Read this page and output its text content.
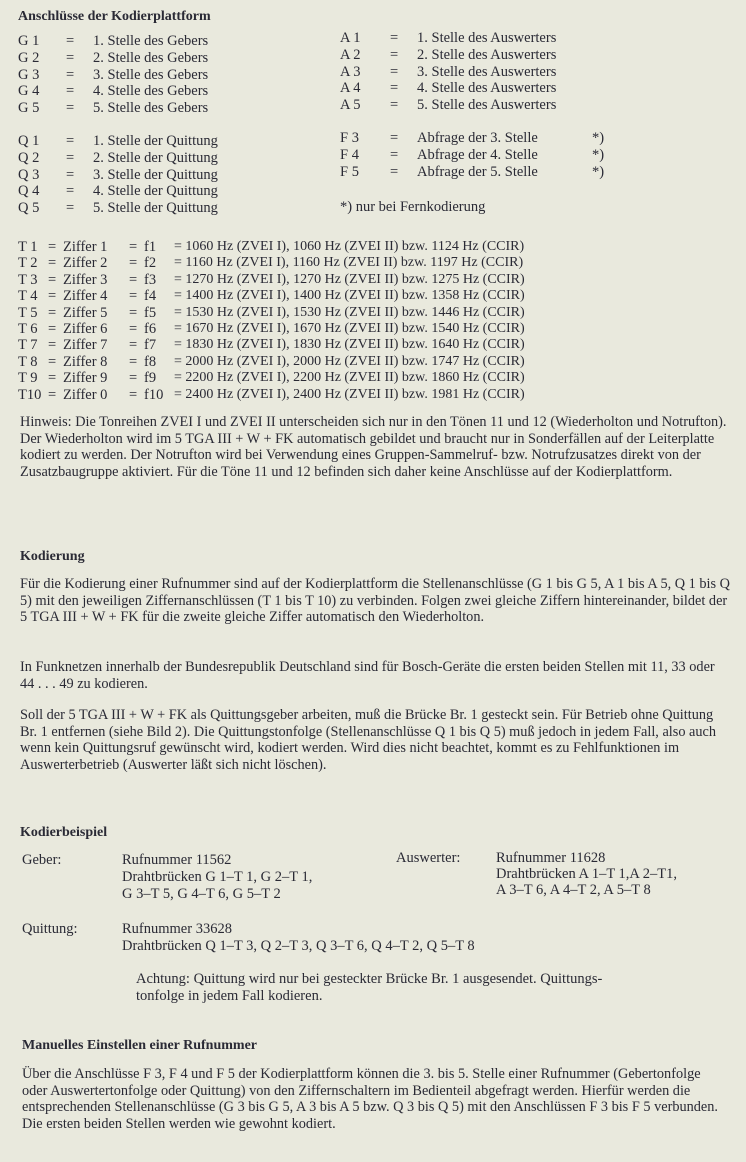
Anschlüsse der Kodierplattform
G 1 = 1. Stelle des Gebers
G 2 = 2. Stelle des Gebers
G 3 = 3. Stelle des Gebers
G 4 = 4. Stelle des Gebers
G 5 = 5. Stelle des Gebers
A 1 = 1. Stelle des Auswerters
A 2 = 2. Stelle des Auswerters
A 3 = 3. Stelle des Auswerters
A 4 = 4. Stelle des Auswerters
A 5 = 5. Stelle des Auswerters
Q 1 = 1. Stelle der Quittung
Q 2 = 2. Stelle der Quittung
Q 3 = 3. Stelle der Quittung
Q 4 = 4. Stelle der Quittung
Q 5 = 5. Stelle der Quittung
F 3 = Abfrage der 3. Stelle	*)
F 4 = Abfrage der 4. Stelle	*)
F 5 = Abfrage der 5. Stelle	*)
*) nur bei Fernkodierung
T 1 = Ziffer 1 = f1 = 1060 Hz (ZVEI I), 1060 Hz (ZVEI II) bzw. 1124 Hz (CCIR)
T 2 = Ziffer 2 = f2 = 1160 Hz (ZVEI I), 1160 Hz (ZVEI II) bzw. 1197 Hz (CCIR)
T 3 = Ziffer 3 = f3 = 1270 Hz (ZVEI I), 1270 Hz (ZVEI II) bzw. 1275 Hz (CCIR)
T 4 = Ziffer 4 = f4 = 1400 Hz (ZVEI I), 1400 Hz (ZVEI II) bzw. 1358 Hz (CCIR)
T 5 = Ziffer 5 = f5 = 1530 Hz (ZVEI I), 1530 Hz (ZVEI II) bzw. 1446 Hz (CCIR)
T 6 = Ziffer 6 = f6 = 1670 Hz (ZVEI I), 1670 Hz (ZVEI II) bzw. 1540 Hz (CCIR)
T 7 = Ziffer 7 = f7 = 1830 Hz (ZVEI I), 1830 Hz (ZVEI II) bzw. 1640 Hz (CCIR)
T 8 = Ziffer 8 = f8 = 2000 Hz (ZVEI I), 2000 Hz (ZVEI II) bzw. 1747 Hz (CCIR)
T 9 = Ziffer 9 = f9 = 2200 Hz (ZVEI I), 2200 Hz (ZVEI II) bzw. 1860 Hz (CCIR)
T10 = Ziffer 0 = f10 = 2400 Hz (ZVEI I), 2400 Hz (ZVEI II) bzw. 1981 Hz (CCIR)
Hinweis: Die Tonreihen ZVEI I und ZVEI II unterscheiden sich nur in den Tönen 11 und 12 (Wiederholton und Notrufton). Der Wiederholton wird im 5 TGA III + W + FK automatisch gebildet und braucht nur in Sonderfällen auf der Leiterplatte kodiert zu werden. Der Notrufton wird bei Verwendung eines Gruppen-Sammelruf- bzw. Notrufzusatzes direkt von der Zusatzbaugruppe aktiviert. Für die Töne 11 und 12 befinden sich daher keine Anschlüsse auf der Kodierplattform.
Kodierung
Für die Kodierung einer Rufnummer sind auf der Kodierplattform die Stellenanschlüsse (G 1 bis G 5, A 1 bis A 5, Q 1 bis Q 5) mit den jeweiligen Ziffernanschlüssen (T 1 bis T 10) zu verbinden. Folgen zwei gleiche Ziffern hintereinander, bildet der 5 TGA III + W + FK für die zweite gleiche Ziffer automatisch den Wiederholton.
In Funknetzen innerhalb der Bundesrepublik Deutschland sind für Bosch-Geräte die ersten beiden Stellen mit 11, 33 oder 44 . . . 49 zu kodieren.
Soll der 5 TGA III + W + FK als Quittungsgeber arbeiten, muß die Brücke Br. 1 gesteckt sein. Für Betrieb ohne Quittung Br. 1 entfernen (siehe Bild 2). Die Quittungstonfolge (Stellenanschlüsse Q 1 bis Q 5) muß jedoch in jedem Fall, also auch wenn kein Quittungsruf gewünscht wird, kodiert werden. Wird dies nicht beachtet, kommt es zu Fehlfunktionen im Auswerterbetrieb (Auswerter läßt sich nicht löschen).
Kodierbeispiel
Geber:	Rufnummer 11562
Drahtbrücken G 1–T 1, G 2–T 1,
G 3–T 5, G 4–T 6, G 5–T 2
Auswerter: Rufnummer 11628
Drahtbrücken A 1–T 1,A 2–T1,
A 3–T 6, A 4–T 2, A 5–T 8
Quittung:	Rufnummer 33628
Drahtbrücken Q 1–T 3, Q 2–T 3, Q 3–T 6, Q 4–T 2, Q 5–T 8
Achtung: Quittung wird nur bei gesteckter Brücke Br. 1 ausgesendet. Quittungs-
tonfolge in jedem Fall kodieren.
Manuelles Einstellen einer Rufnummer
Über die Anschlüsse F 3, F 4 und F 5 der Kodierplattform können die 3. bis 5. Stelle einer Rufnummer (Gebertonfolge oder Auswertertonfolge oder Quittung) von den Ziffernschaltern im Bedienteil abgefragt werden. Hierfür werden die entsprechenden Stellenanschlüsse (G 3 bis G 5, A 3 bis A 5 bzw. Q 3 bis Q 5) mit den Anschlüssen F 3 bis F 5 verbunden. Die ersten beiden Stellen werden wie gewohnt kodiert.
